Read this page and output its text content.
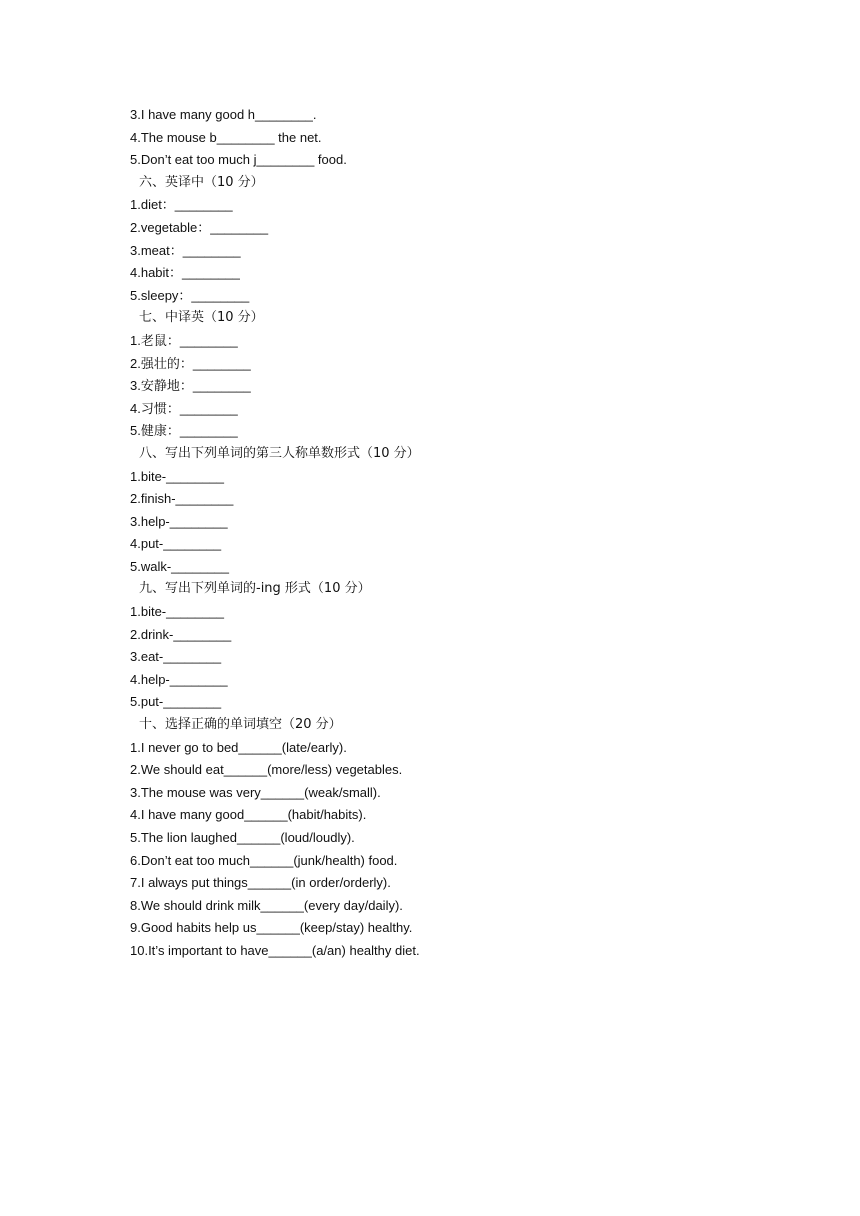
3.I have many good h________.
4.The mouse b________ the net.
5.Don’t eat too much j________ food.
六、英译中（10 分）
1.diet：________
2.vegetable：________
3.meat：________
4.habit：________
5.sleepy：________
七、中译英（10 分）
1.老鼠：________
2.强壮的：________
3.安静地：________
4.习惯：________
5.健康：________
八、写出下列单词的第三人称单数形式（10 分）
1.bite-________
2.finish-________
3.help-________
4.put-________
5.walk-________
九、写出下列单词的-ing 形式（10 分）
1.bite-________
2.drink-________
3.eat-________
4.help-________
5.put-________
十、选择正确的单词填空（20 分）
1.I never go to bed______(late/early).
2.We should eat______(more/less) vegetables.
3.The mouse was very______(weak/small).
4.I have many good______(habit/habits).
5.The lion laughed______(loud/loudly).
6.Don’t eat too much______(junk/health) food.
7.I always put things______(in order/orderly).
8.We should drink milk______(every day/daily).
9.Good habits help us______(keep/stay) healthy.
10.It’s important to have______(a/an) healthy diet.
